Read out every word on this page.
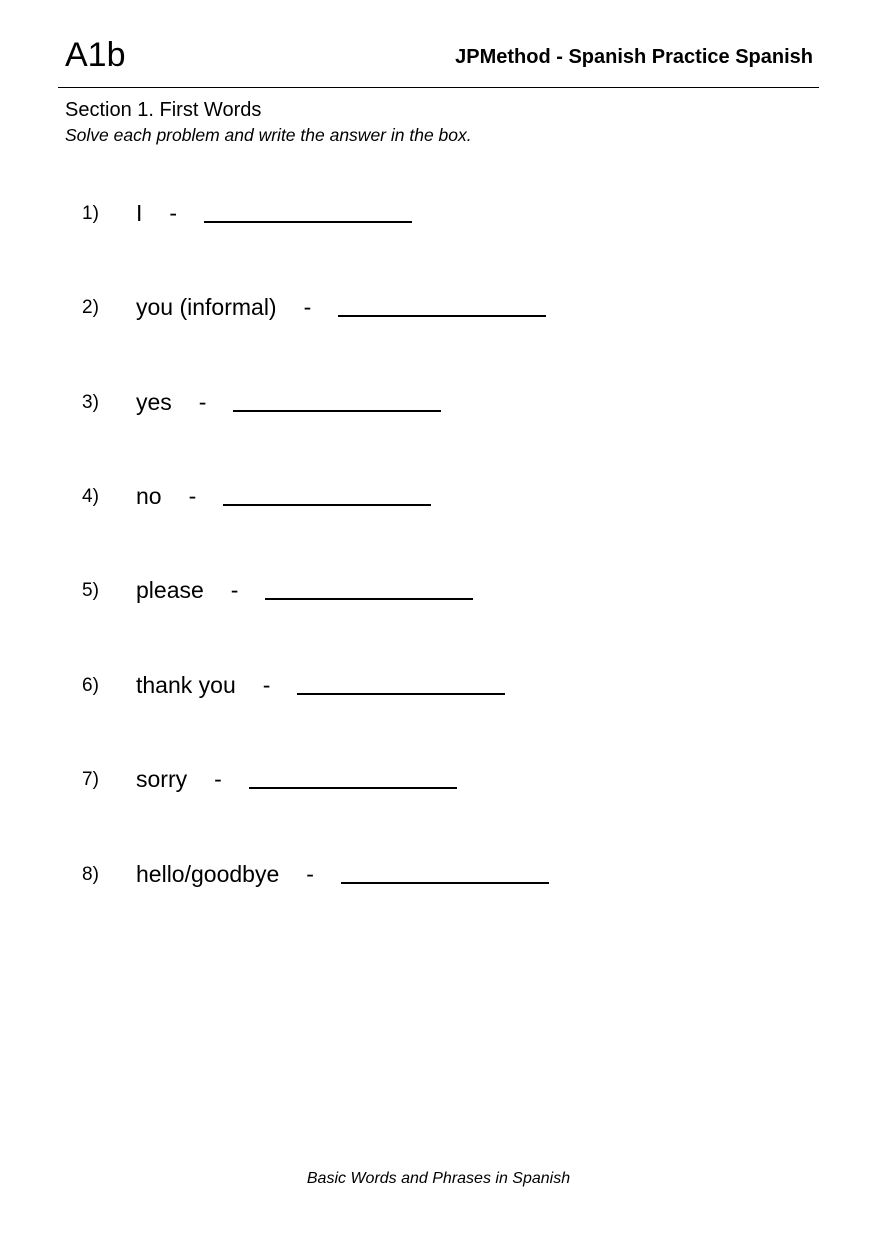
A1b	JPMethod - Spanish Practice Spanish
Section 1. First Words
Solve each problem and write the answer in the box.
1)	I -
2)	you (informal) -
3)	yes -
4)	no -
5)	please -
6)	thank you -
7)	sorry -
8)	hello/goodbye -
Basic Words and Phrases in Spanish
